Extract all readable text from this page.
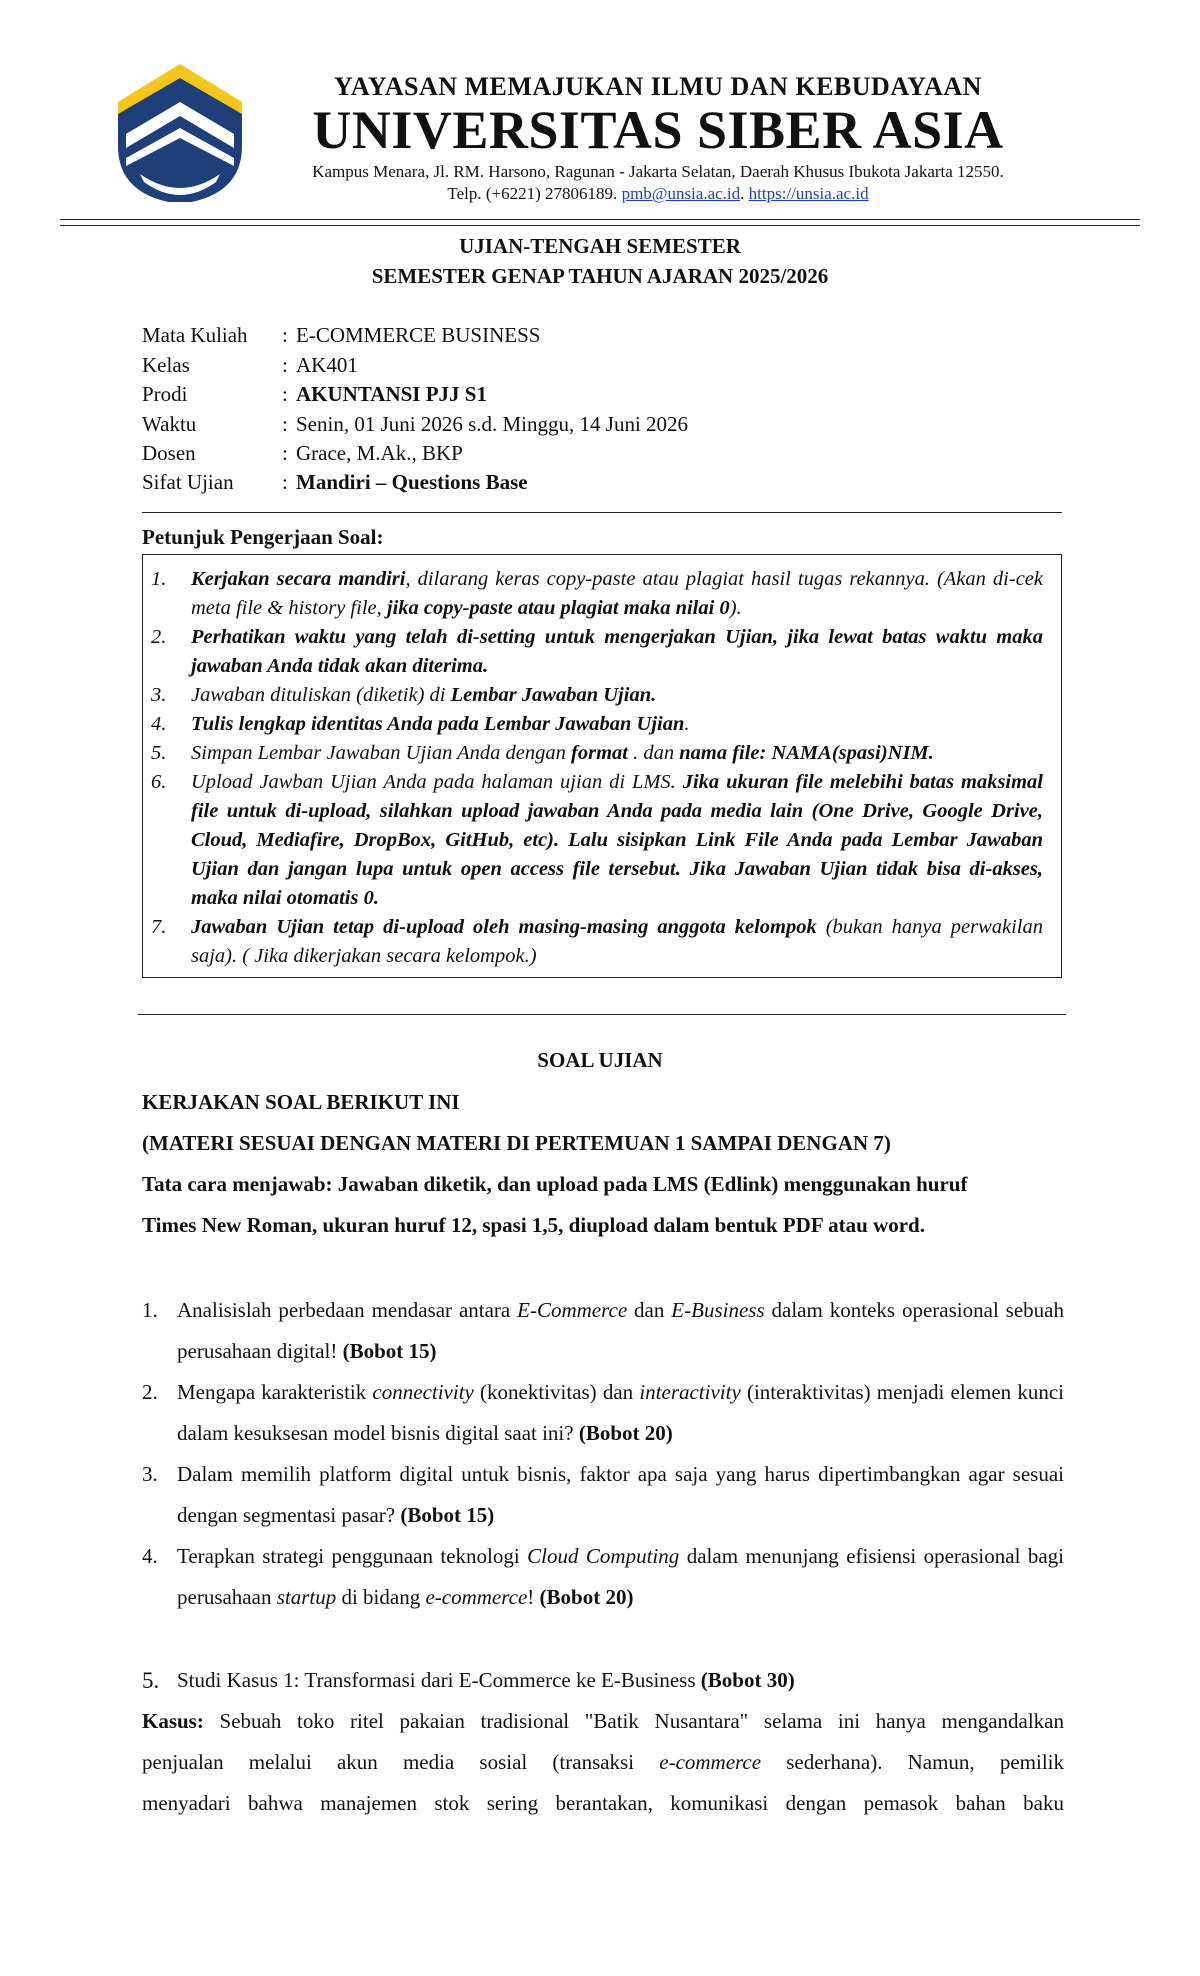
YAYASAN MEMAJUKAN ILMU DAN KEBUDAYAAN
UNIVERSITAS SIBER ASIA
Kampus Menara, Jl. RM. Harsono, Ragunan - Jakarta Selatan, Daerah Khusus Ibukota Jakarta 12550.
Telp. (+6221) 27806189. pmb@unsia.ac.id. https://unsia.ac.id
UJIAN-TENGAH SEMESTER
SEMESTER GENAP TAHUN AJARAN 2025/2026
Mata Kuliah : E-COMMERCE BUSINESS
Kelas	: AK401
Prodi	: AKUNTANSI PJJ S1
Waktu	: Senin, 01 Juni 2026 s.d. Minggu, 14 Juni 2026
Dosen	: Grace, M.Ak., BKP
Sifat Ujian : Mandiri – Questions Base
Petunjuk Pengerjaan Soal:
1. Kerjakan secara mandiri, dilarang keras copy-paste atau plagiat hasil tugas rekannya. (Akan di-cek meta file & history file, jika copy-paste atau plagiat maka nilai 0).
2. Perhatikan waktu yang telah di-setting untuk mengerjakan Ujian, jika lewat batas waktu maka jawaban Anda tidak akan diterima.
3. Jawaban dituliskan (diketik) di Lembar Jawaban Ujian.
4. Tulis lengkap identitas Anda pada Lembar Jawaban Ujian.
5. Simpan Lembar Jawaban Ujian Anda dengan format . dan nama file: NAMA(spasi)NIM.
6. Upload Jawban Ujian Anda pada halaman ujian di LMS. Jika ukuran file melebihi batas maksimal file untuk di-upload, silahkan upload jawaban Anda pada media lain (One Drive, Google Drive, Cloud, Mediafire, DropBox, GitHub, etc). Lalu sisipkan Link File Anda pada Lembar Jawaban Ujian dan jangan lupa untuk open access file tersebut. Jika Jawaban Ujian tidak bisa di-akses, maka nilai otomatis 0.
7. Jawaban Ujian tetap di-upload oleh masing-masing anggota kelompok (bukan hanya perwakilan saja). ( Jika dikerjakan secara kelompok.)
SOAL UJIAN
KERJAKAN SOAL BERIKUT INI
(MATERI SESUAI DENGAN MATERI DI PERTEMUAN 1 SAMPAI DENGAN 7)
Tata cara menjawab: Jawaban diketik, dan upload pada LMS (Edlink) menggunakan huruf
Times New Roman, ukuran huruf 12, spasi 1,5, diupload dalam bentuk PDF atau word.
1. Analisislah perbedaan mendasar antara E-Commerce dan E-Business dalam konteks operasional sebuah perusahaan digital! (Bobot 15)
2. Mengapa karakteristik connectivity (konektivitas) dan interactivity (interaktivitas) menjadi elemen kunci dalam kesuksesan model bisnis digital saat ini? (Bobot 20)
3. Dalam memilih platform digital untuk bisnis, faktor apa saja yang harus dipertimbangkan agar sesuai dengan segmentasi pasar? (Bobot 15)
4. Terapkan strategi penggunaan teknologi Cloud Computing dalam menunjang efisiensi operasional bagi perusahaan startup di bidang e-commerce! (Bobot 20)
5. Studi Kasus 1: Transformasi dari E-Commerce ke E-Business (Bobot 30)
Kasus: Sebuah toko ritel pakaian tradisional "Batik Nusantara" selama ini hanya mengandalkan
penjualan melalui akun media sosial (transaksi e-commerce sederhana). Namun, pemilik
menyadari bahwa manajemen stok sering berantakan, komunikasi dengan pemasok bahan baku
